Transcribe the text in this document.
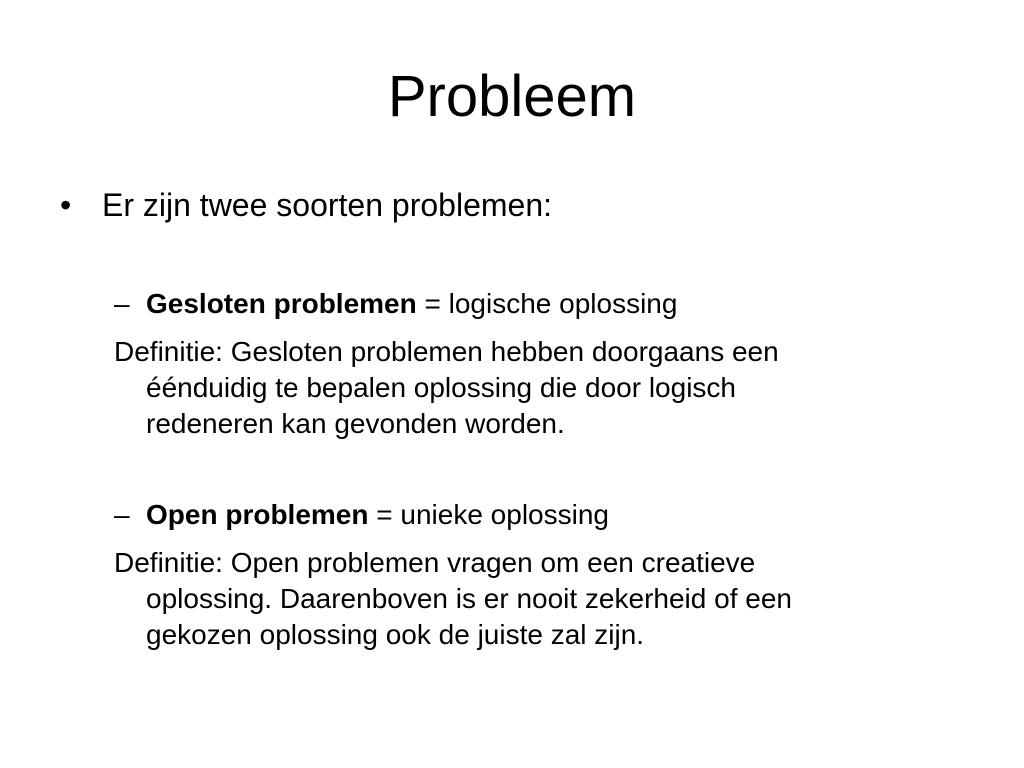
Probleem
• Er zijn twee soorten problemen:
– Gesloten problemen = logische oplossing
Definitie: Gesloten problemen hebben doorgaans een
éénduidig te bepalen oplossing die door logisch
redeneren kan gevonden worden.
– Open problemen = unieke oplossing
Definitie: Open problemen vragen om een creatieve
oplossing. Daarenboven is er nooit zekerheid of een
gekozen oplossing ook de juiste zal zijn.
